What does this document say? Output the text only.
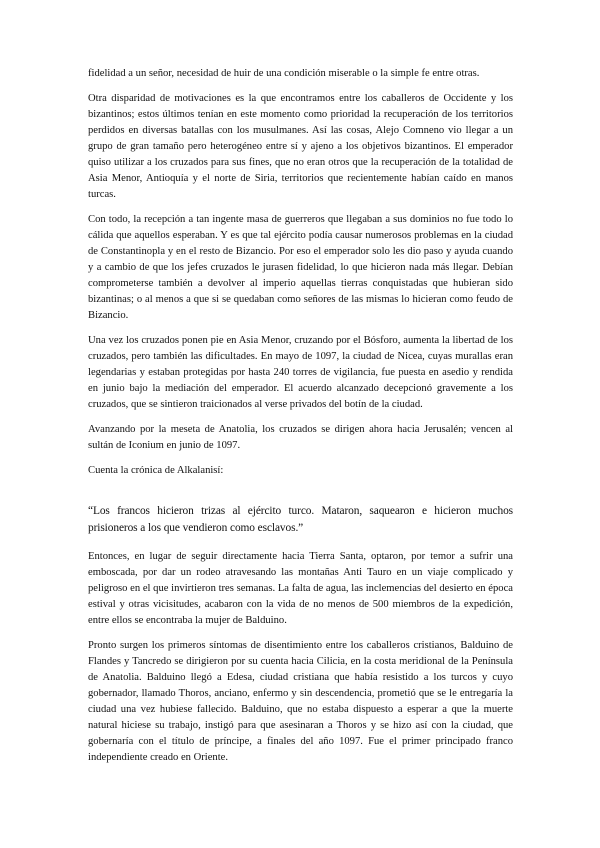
fidelidad a un señor, necesidad de huir de una condición miserable o la simple fe entre otras.

Otra disparidad de motivaciones es la que encontramos entre los caballeros de Occidente y los bizantinos; estos últimos tenían en este momento como prioridad la recuperación de los territorios perdidos en diversas batallas con los musulmanes. Así las cosas, Alejo Comneno vio llegar a un grupo de gran tamaño pero heterogéneo entre sí y ajeno a los objetivos bizantinos. El emperador quiso utilizar a los cruzados para sus fines, que no eran otros que la recuperación de la totalidad de Asia Menor, Antioquía y el norte de Siria, territorios que recientemente habían caído en manos turcas.

Con todo, la recepción a tan ingente masa de guerreros que llegaban a sus dominios no fue todo lo cálida que aquellos esperaban. Y es que tal ejército podía causar numerosos problemas en la ciudad de Constantinopla y en el resto de Bizancio. Por eso el emperador solo les dio paso y ayuda cuando y a cambio de que los jefes cruzados le jurasen fidelidad, lo que hicieron nada más llegar. Debían comprometerse también a devolver al imperio aquellas tierras conquistadas que hubieran sido bizantinas; o al menos a que si se quedaban como señores de las mismas lo hicieran como feudo de Bizancio.

Una vez los cruzados ponen pie en Asia Menor, cruzando por el Bósforo, aumenta la libertad de los cruzados, pero también las dificultades. En mayo de 1097, la ciudad de Nicea, cuyas murallas eran legendarias y estaban protegidas por hasta 240 torres de vigilancia, fue puesta en asedio y rendida en junio bajo la mediación del emperador. El acuerdo alcanzado decepcionó gravemente a los cruzados, que se sintieron traicionados al verse privados del botín de la ciudad.

Avanzando por la meseta de Anatolia, los cruzados se dirigen ahora hacia Jerusalén; vencen al sultán de Iconium en junio de 1097.

Cuenta la crónica de Alkalanisí:

“Los francos hicieron trizas al ejército turco. Mataron, saquearon e hicieron muchos prisioneros a los que vendieron como esclavos.”

Entonces, en lugar de seguir directamente hacia Tierra Santa, optaron, por temor a sufrir una emboscada, por dar un rodeo atravesando las montañas Anti Tauro en un viaje complicado y peligroso en el que invirtieron tres semanas. La falta de agua, las inclemencias del desierto en época estival y otras vicisitudes, acabaron con la vida de no menos de 500 miembros de la expedición, entre ellos se encontraba la mujer de Balduino.

Pronto surgen los primeros síntomas de disentimiento entre los caballeros cristianos, Balduino de Flandes y Tancredo se dirigieron por su cuenta hacia Cilicia, en la costa meridional de la Península de Anatolia. Balduino llegó a Edesa, ciudad cristiana que había resistido a los turcos y cuyo gobernador, llamado Thoros, anciano, enfermo y sin descendencia, prometió que se le entregaría la ciudad una vez hubiese fallecido. Balduino, que no estaba dispuesto a esperar a que la muerte natural hiciese su trabajo, instigó para que asesinaran a Thoros y se hizo así con la ciudad, que gobernaría con el título de príncipe, a finales del año 1097. Fue el primer principado franco independiente creado en Oriente.
